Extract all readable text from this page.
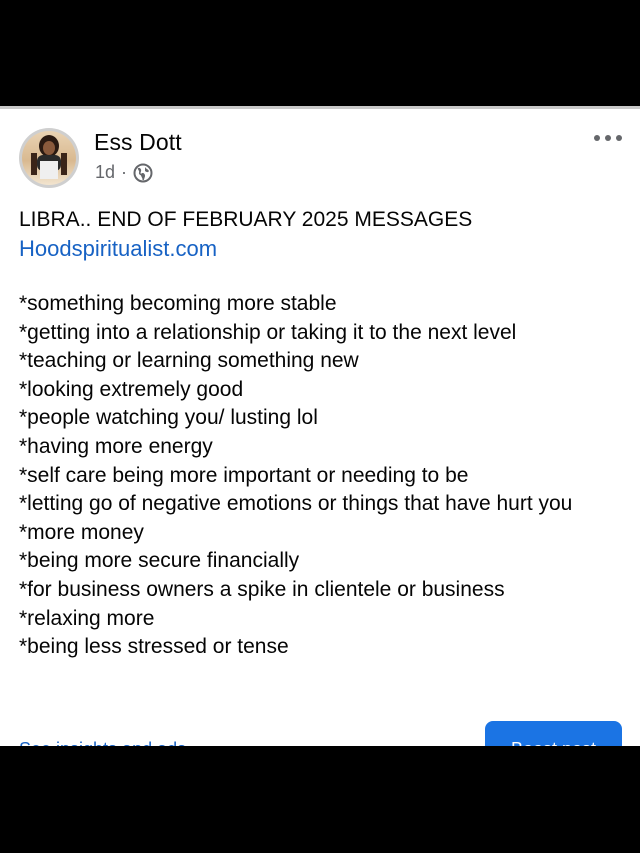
Ess Dott
1d ·
LIBRA.. END OF FEBRUARY 2025 MESSAGES
Hoodspiritualist.com
*something becoming more stable
*getting into a relationship or taking it to the next level
*teaching or learning something new
*looking extremely good
*people watching you/ lusting lol
*having more energy
*self care being more important or needing to be
*letting go of negative emotions or things that have hurt you
*more money
*being more secure financially
*for business owners a spike in clientele or business
*relaxing more
*being less stressed or tense
